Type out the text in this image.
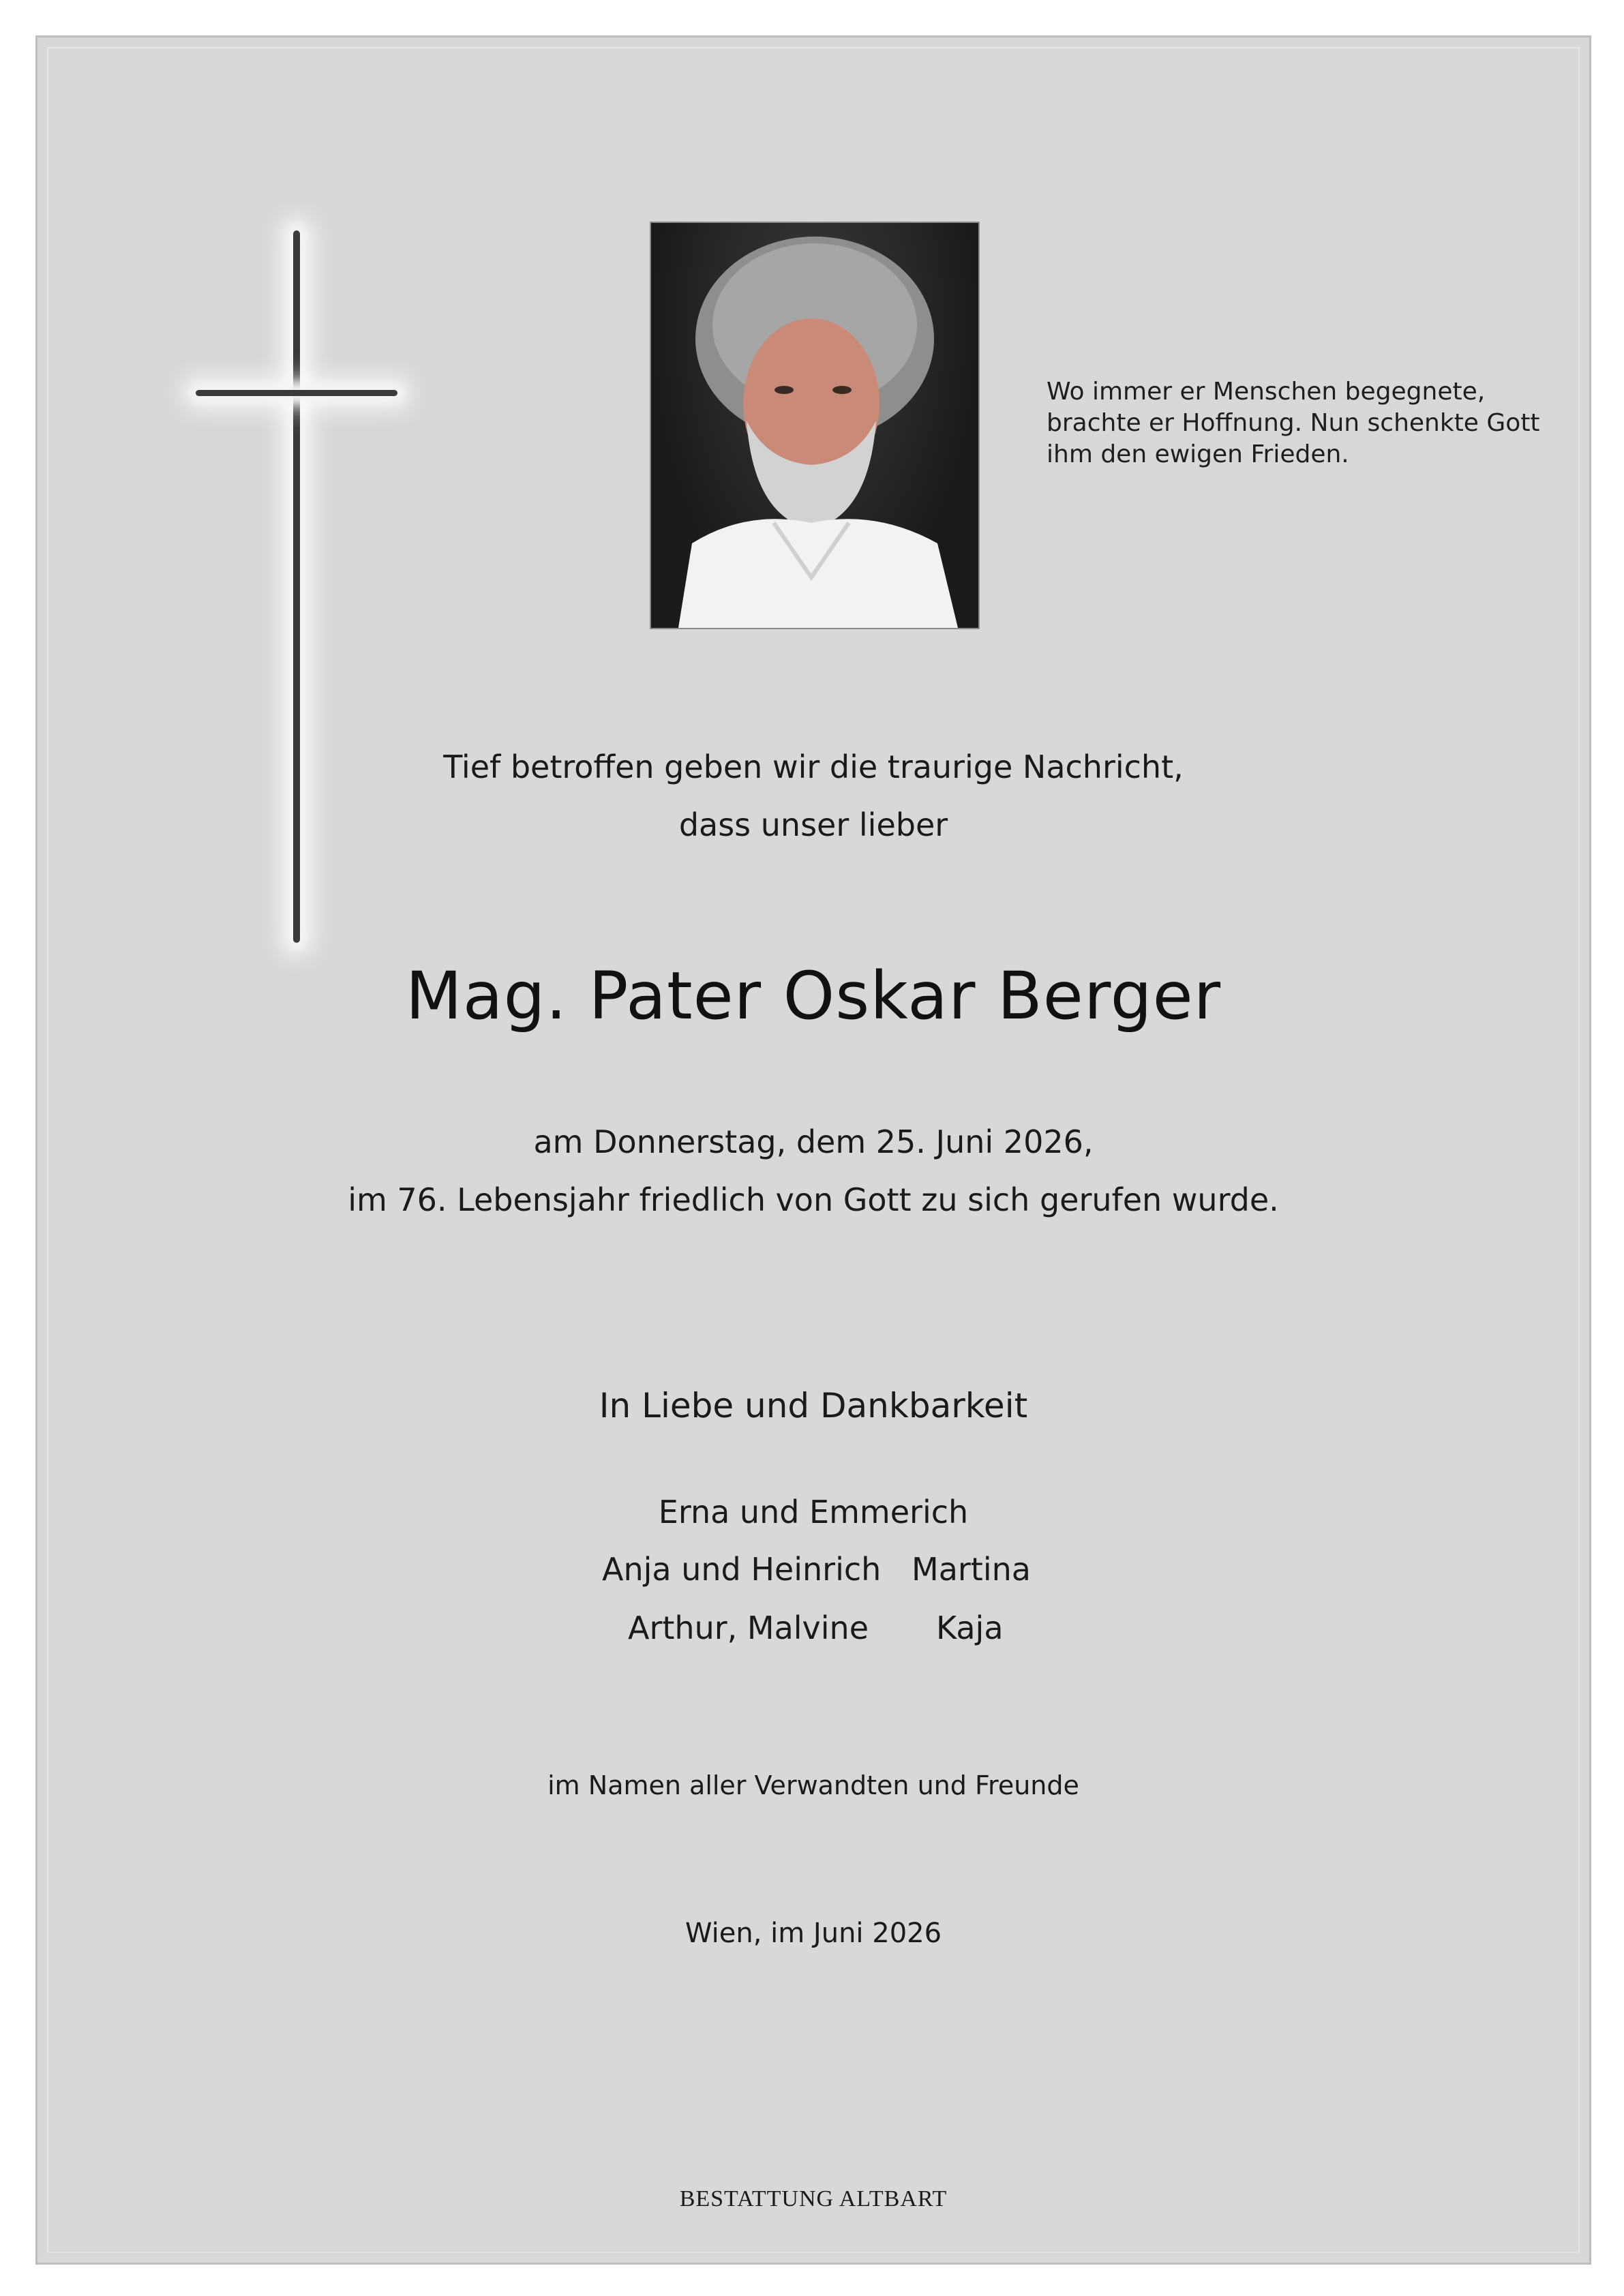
Wo immer er Menschen begegnete,
brachte er Hoffnung. Nun schenkte Gott
ihm den ewigen Frieden.
Tief betroffen geben wir die traurige Nachricht,
dass unser lieber
Mag. Pater Oskar Berger
am Donnerstag, dem 25. Juni 2026,
im 76. Lebensjahr friedlich von Gott zu sich gerufen wurde.
In Liebe und Dankbarkeit
Erna und Emmerich
Anja und Heinrich Martina
Arthur, Malvine Kaja
im Namen aller Verwandten und Freunde
Wien, im Juni 2026
BESTATTUNG ALTBART
